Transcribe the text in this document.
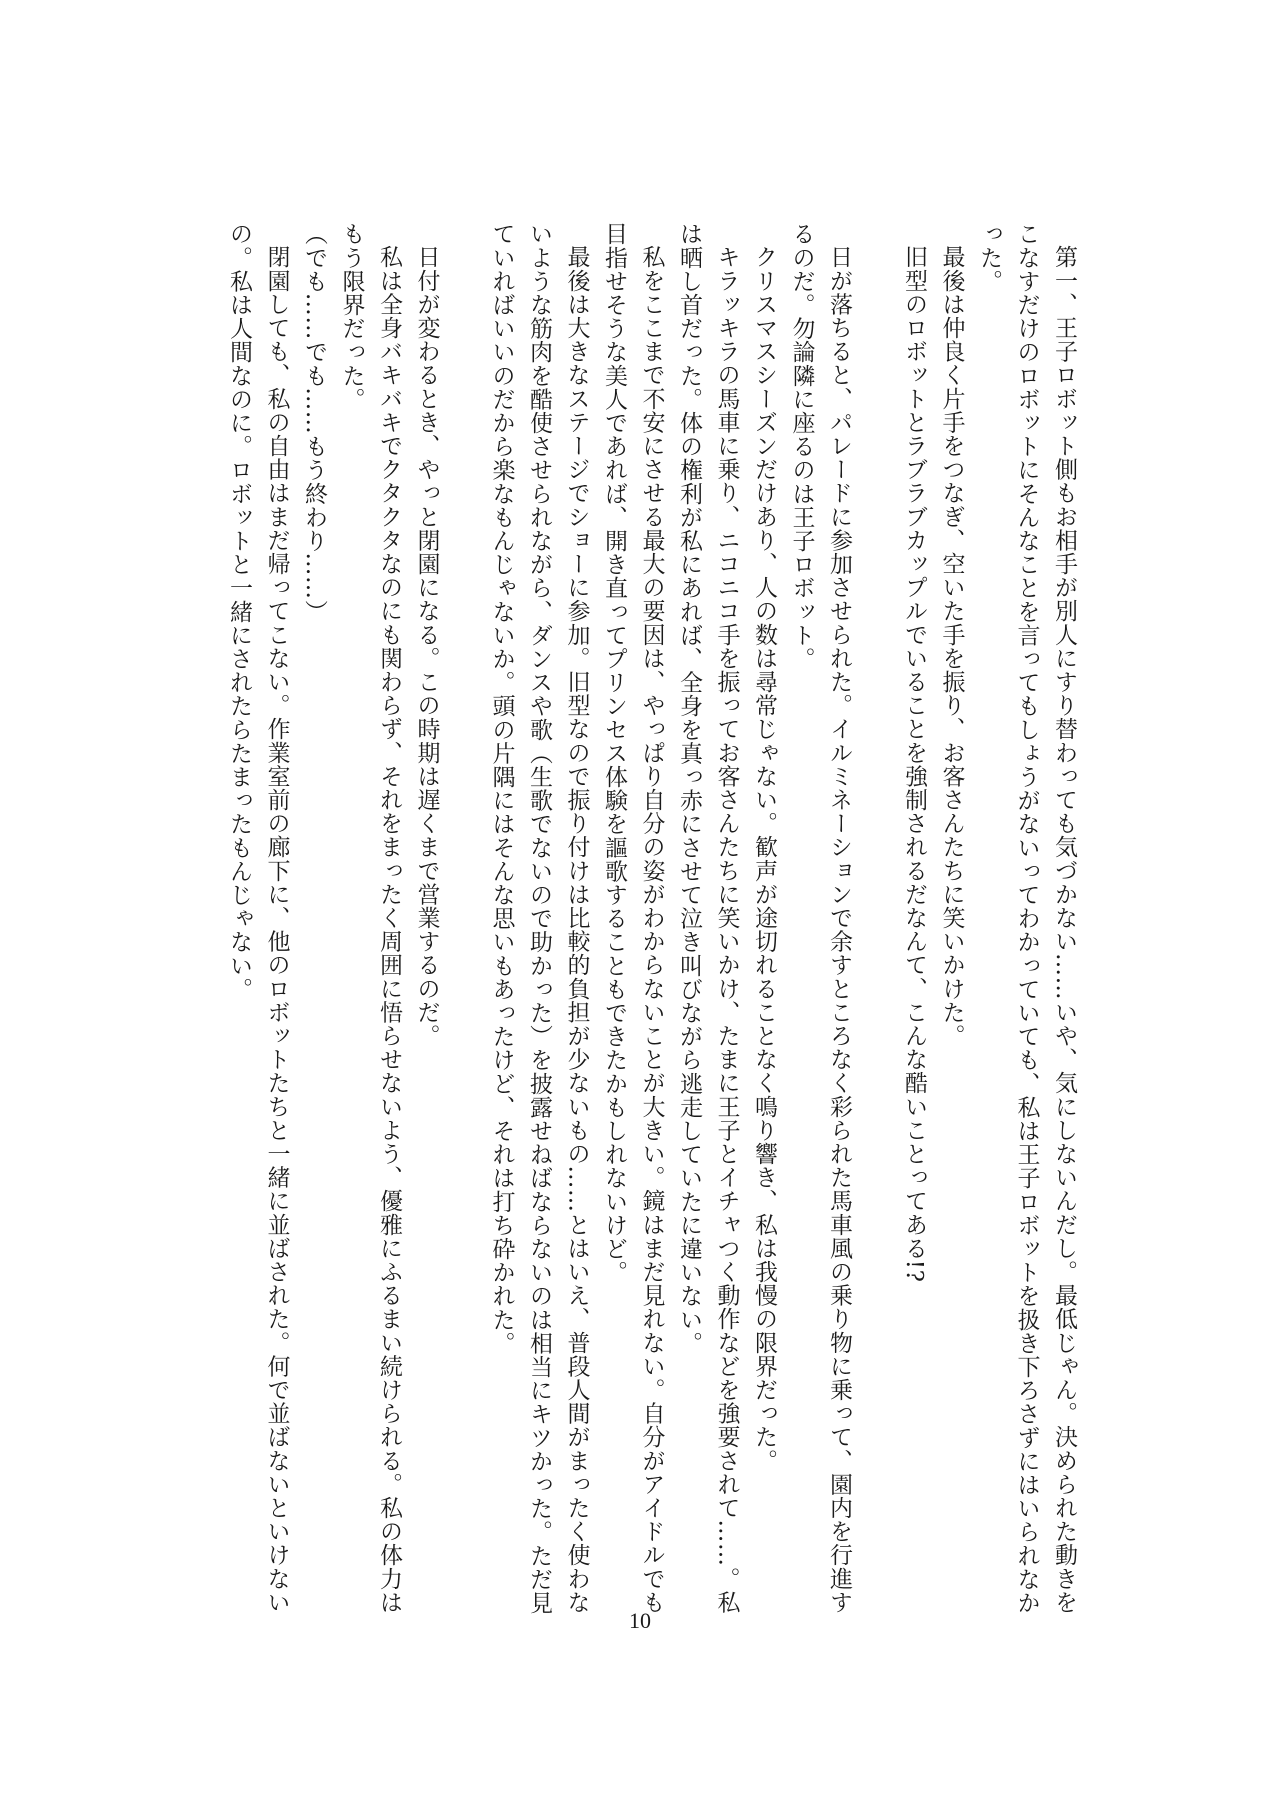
第一、王子ロボット側もお相手が別人にすり替わっても気づかない……いや、気にしないんだし。最低じゃん。決められた動きをこなすだけのロボットにそんなことを言ってもしょうがないってわかっていても、私は王子ロボットを扱き下ろさずにはいられなかった。

最後は仲良く片手をつなぎ、空いた手を振り、お客さんたちに笑いかけた。

旧型のロボットとラブラブカップルでいることを強制されるだなんて、こんな酷いことってある!?

日が落ちると、パレードに参加させられた。イルミネーションで余すところなく彩られた馬車風の乗り物に乗って、園内を行進するのだ。勿論隣に座るのは王子ロボット。

クリスマスシーズンだけあり、人の数は尋常じゃない。歓声が途切れることなく鳴り響き、私は我慢の限界だった。

キラッキラの馬車に乗り、ニコニコ手を振ってお客さんたちに笑いかけ、たまに王子とイチャつく動作などを強要されて……。私は晒し首だった。体の権利が私にあれば、全身を真っ赤にさせて泣き叫びながら逃走していたに違いない。

私をここまで不安にさせる最大の要因は、やっぱり自分の姿がわからないことが大きい。鏡はまだ見れない。自分がアイドルでも目指せそうな美人であれば、開き直ってプリンセス体験を謳歌することもできたかもしれないけど。

最後は大きなステージでショーに参加。旧型なので振り付けは比較的負担が少ないもの……とはいえ、普段人間がまったく使わないような筋肉を酷使させられながら、ダンスや歌（生歌でないので助かった）を披露せねばならないのは相当にキツかった。ただ見ていればいいのだから楽なもんじゃないか。頭の片隅にはそんな思いもあったけど、それは打ち砕かれた。

日付が変わるとき、やっと閉園になる。この時期は遅くまで営業するのだ。

私は全身バキバキでクタクタなのにも関わらず、それをまったく周囲に悟らせないよう、優雅にふるまい続けられる。私の体力はもう限界だった。

（でも……でも……もう終わり……）

閉園しても、私の自由はまだ帰ってこない。作業室前の廊下に、他のロボットたちと一緒に並ばされた。何で並ばないといけないの。私は人間なのに。ロボットと一緒にされたらたまったもんじゃない。

10
